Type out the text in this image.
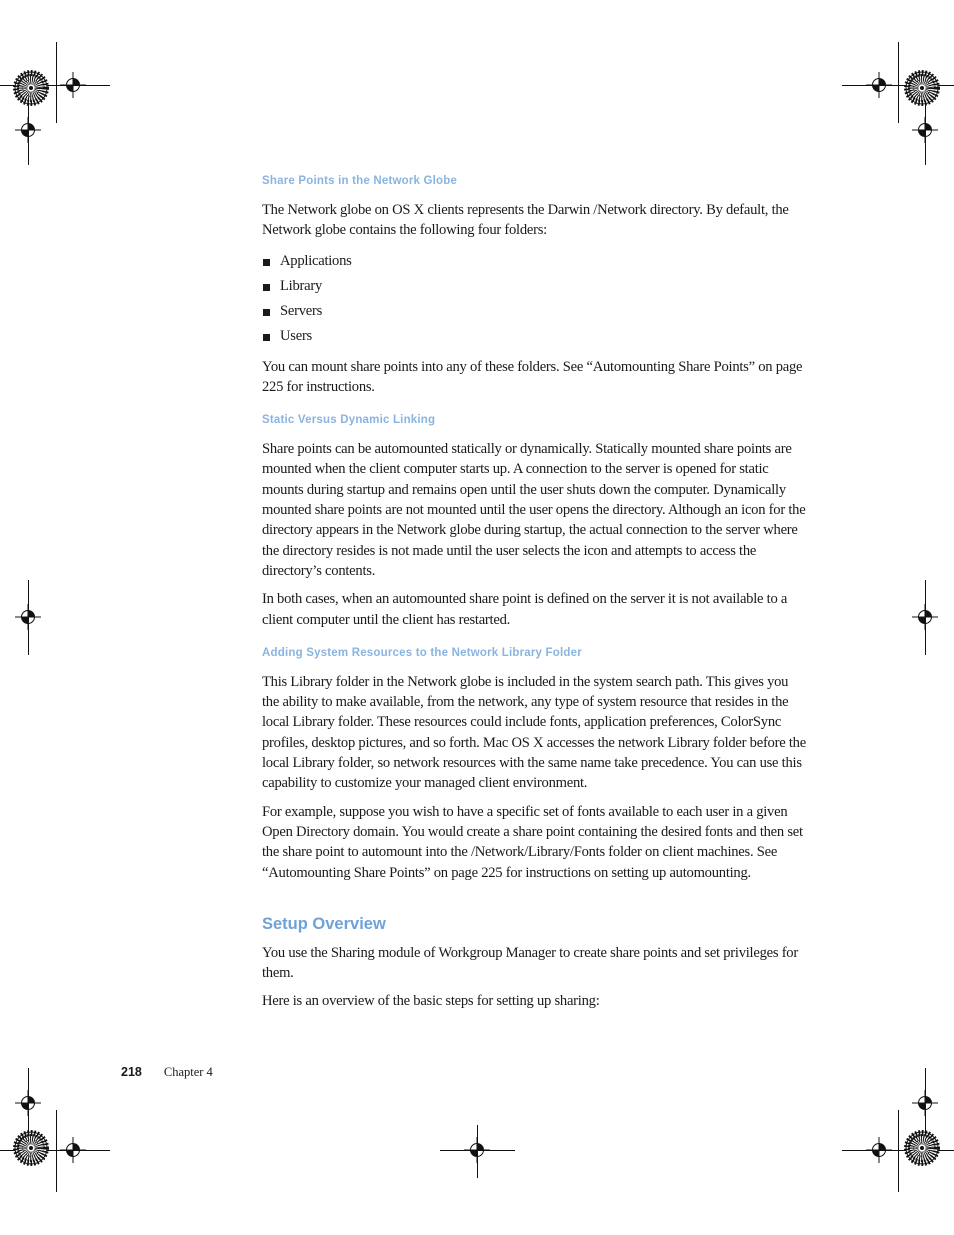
Share Points in the Network Globe

The Network globe on OS X clients represents the Darwin /Network directory. By default, the Network globe contains the following four folders:

Applications
Library
Servers
Users

You can mount share points into any of these folders. See “Automounting Share Points” on page 225 for instructions.

Static Versus Dynamic Linking

Share points can be automounted statically or dynamically. Statically mounted share points are mounted when the client computer starts up. A connection to the server is opened for static mounts during startup and remains open until the user shuts down the computer. Dynamically mounted share points are not mounted until the user opens the directory. Although an icon for the directory appears in the Network globe during startup, the actual connection to the server where the directory resides is not made until the user selects the icon and attempts to access the directory’s contents.

In both cases, when an automounted share point is defined on the server it is not available to a client computer until the client has restarted.

Adding System Resources to the Network Library Folder

This Library folder in the Network globe is included in the system search path. This gives you the ability to make available, from the network, any type of system resource that resides in the local Library folder. These resources could include fonts, application preferences, ColorSync profiles, desktop pictures, and so forth. Mac OS X accesses the network Library folder before the local Library folder, so network resources with the same name take precedence. You can use this capability to customize your managed client environment.

For example, suppose you wish to have a specific set of fonts available to each user in a given Open Directory domain. You would create a share point containing the desired fonts and then set the share point to automount into the /Network/Library/Fonts folder on client machines. See “Automounting Share Points” on page 225 for instructions on setting up automounting.

Setup Overview

You use the Sharing module of Workgroup Manager to create share points and set privileges for them.

Here is an overview of the basic steps for setting up sharing:

218 Chapter 4
